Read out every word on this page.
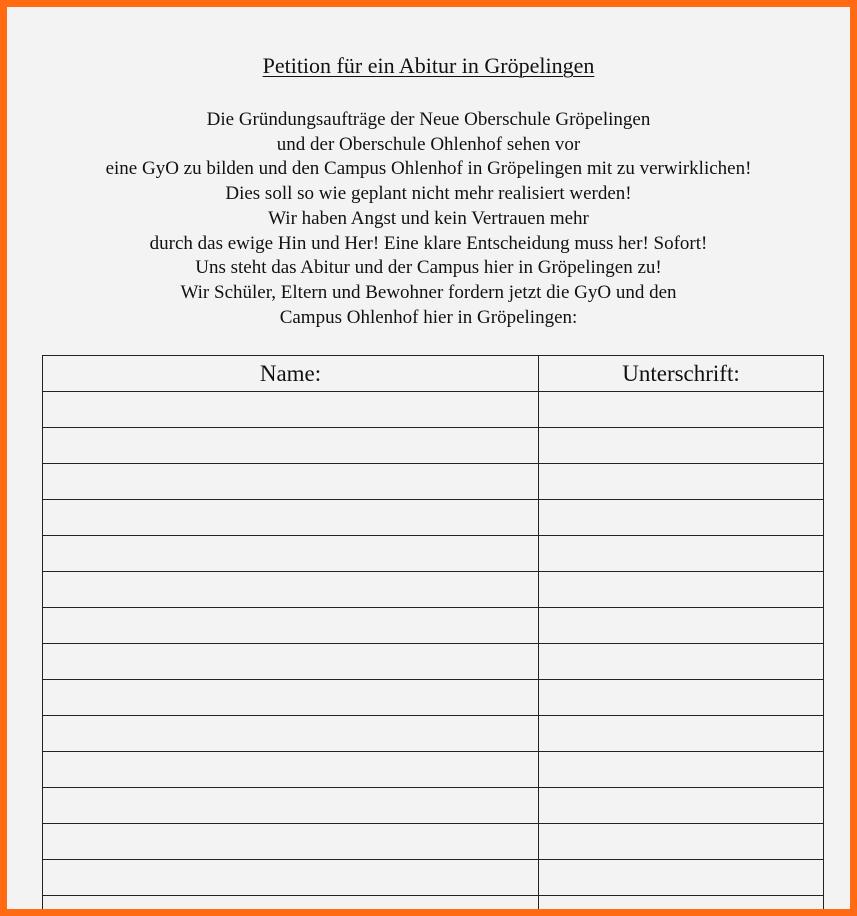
Petition für ein Abitur in Gröpelingen
Die Gründungsaufträge der Neue Oberschule Gröpelingen
und der Oberschule Ohlenhof sehen vor
eine GyO zu bilden und den Campus Ohlenhof in Gröpelingen mit zu verwirklichen!
Dies soll so wie geplant nicht mehr realisiert werden!
Wir haben Angst und kein Vertrauen mehr
durch das ewige Hin und Her! Eine klare Entscheidung muss her! Sofort!
Uns steht das Abitur und der Campus hier in Gröpelingen zu!
Wir Schüler, Eltern und Bewohner fordern jetzt die GyO und den
Campus Ohlenhof hier in Gröpelingen:
Name:	Unterschrift:
